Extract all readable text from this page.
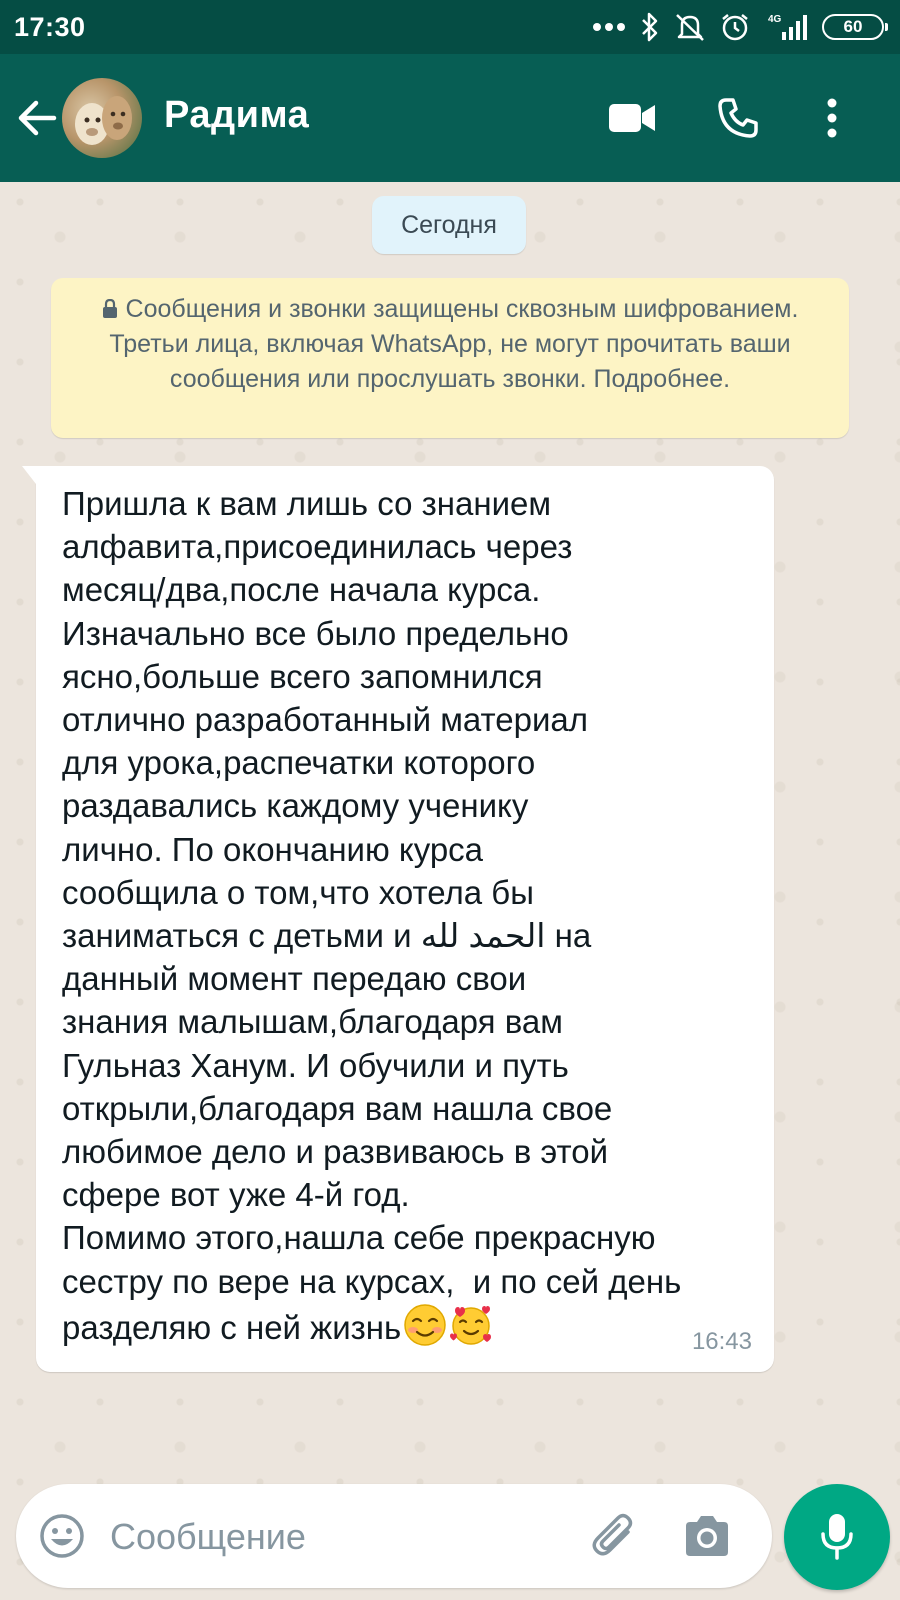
17:30	4G	60
Радима
Сегодня
Сообщения и звонки защищены сквозным шифрованием. Третьи лица, включая WhatsApp, не могут прочитать ваши сообщения или прослушать звонки. Подробнее.

Пришла к вам лишь со знанием
алфавита,присоединилась через
месяц/два,после начала курса.
Изначально все было предельно
ясно,больше всего запомнился
отлично разработанный материал
для урока,распечатки которого
раздавались каждому ученику
лично. По окончанию курса
сообщила о том,что хотела бы
заниматься с детьми и الحمد لله на
данный момент передаю свои
знания малышам,благодаря вам
Гульназ Ханум. И обучили и путь
открыли,благодаря вам нашла свое
любимое дело и развиваюсь в этой
сфере вот уже 4-й год.
Помимо этого,нашла себе прекрасную
сестру по вере на курсах,  и по сей день
разделяю с ней жизнь	16:43
Сообщение
